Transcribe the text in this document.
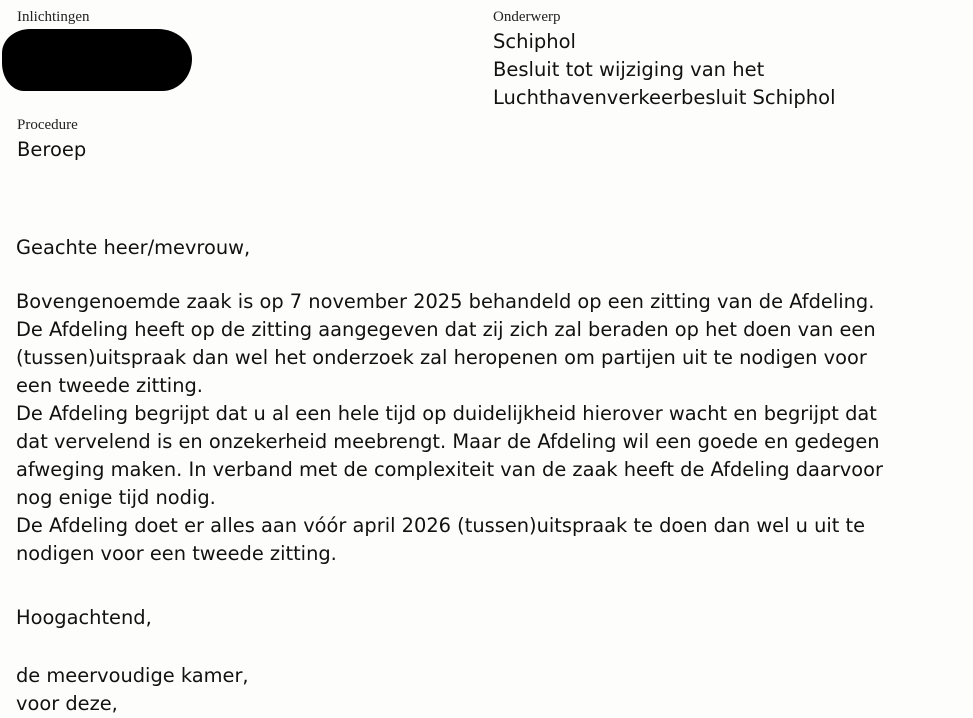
Inlichtingen
Procedure
Beroep
Onderwerp
Schiphol
Besluit tot wijziging van het
Luchthavenverkeerbesluit Schiphol
Geachte heer/mevrouw,
Bovengenoemde zaak is op 7 november 2025 behandeld op een zitting van de Afdeling.
De Afdeling heeft op de zitting aangegeven dat zij zich zal beraden op het doen van een
(tussen)uitspraak dan wel het onderzoek zal heropenen om partijen uit te nodigen voor
een tweede zitting.
De Afdeling begrijpt dat u al een hele tijd op duidelijkheid hierover wacht en begrijpt dat
dat vervelend is en onzekerheid meebrengt. Maar de Afdeling wil een goede en gedegen
afweging maken. In verband met de complexiteit van de zaak heeft de Afdeling daarvoor
nog enige tijd nodig.
De Afdeling doet er alles aan vóór april 2026 (tussen)uitspraak te doen dan wel u uit te
nodigen voor een tweede zitting.
Hoogachtend,
de meervoudige kamer,
voor deze,
